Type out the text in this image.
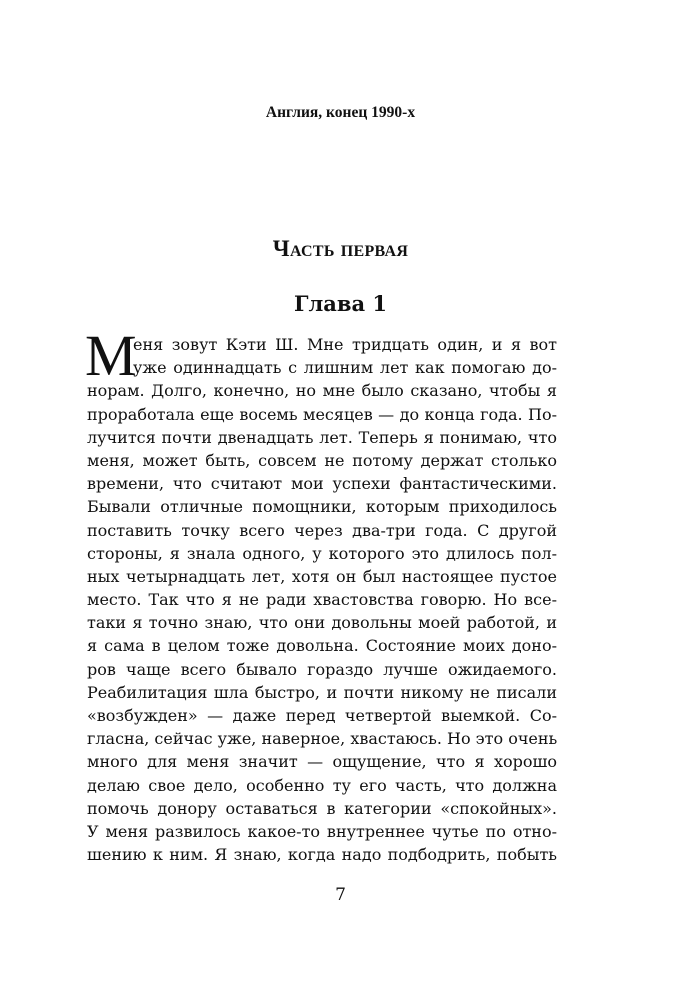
Англия, конец 1990-х
Часть первая
Глава 1
М
еня зовут Кэти Ш. Мне тридцать один, и я вот
уже одиннадцать с лишним лет как помогаю до-
норам. Долго, конечно, но мне было сказано, чтобы я
проработала еще восемь месяцев — до конца года. По-
лучится почти двенадцать лет. Теперь я понимаю, что
меня, может быть, совсем не потому держат столько
времени, что считают мои успехи фантастическими.
Бывали отличные помощники, которым приходилось
поставить точку всего через два-три года. С другой
стороны, я знала одного, у которого это длилось пол-
ных четырнадцать лет, хотя он был настоящее пустое
место. Так что я не ради хвастовства говорю. Но все-
таки я точно знаю, что они довольны моей работой, и
я сама в целом тоже довольна. Состояние моих доно-
ров чаще всего бывало гораздо лучше ожидаемого.
Реабилитация шла быстро, и почти никому не писали
«возбужден» — даже перед четвертой выемкой. Со-
гласна, сейчас уже, наверное, хвастаюсь. Но это очень
много для меня значит — ощущение, что я хорошо
делаю свое дело, особенно ту его часть, что должна
помочь донору оставаться в категории «спокойных».
У меня развилось какое-то внутреннее чутье по отно-
шению к ним. Я знаю, когда надо подбодрить, побыть
7
